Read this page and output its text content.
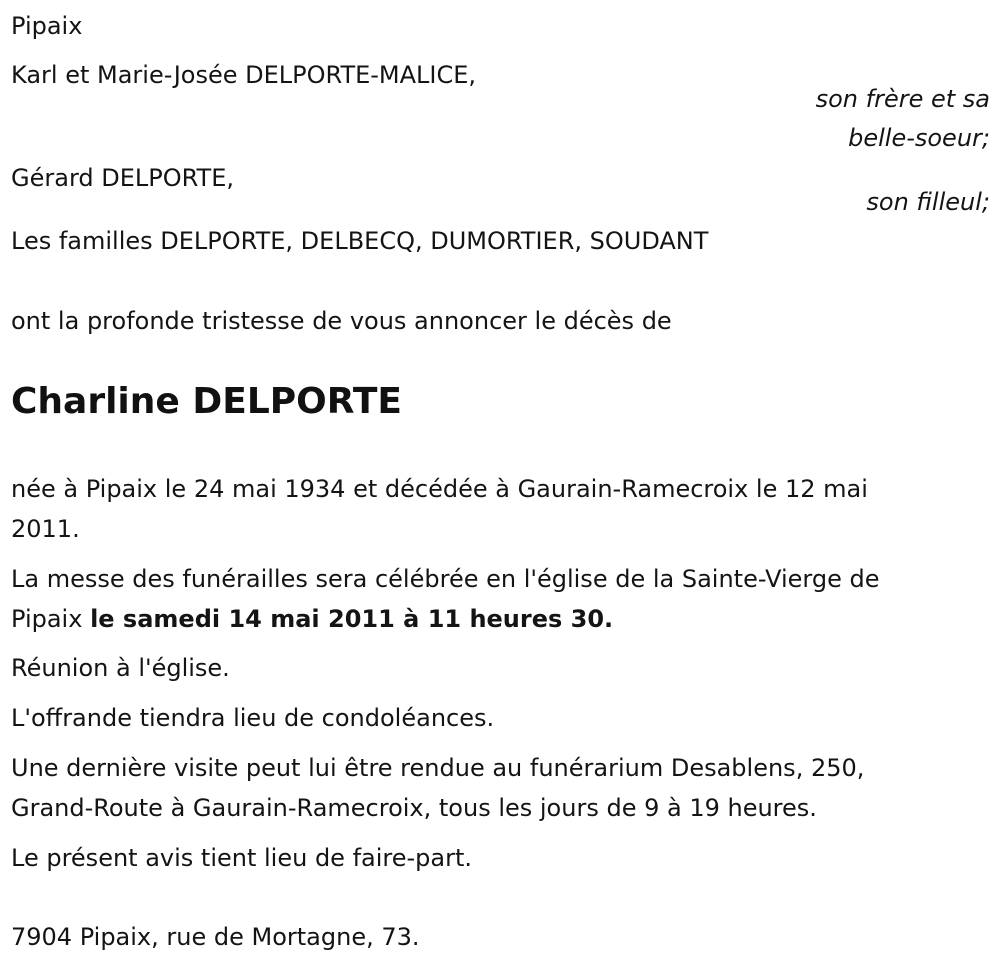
Pipaix
Karl et Marie-Josée DELPORTE-MALICE,
son frère et sa
belle-soeur;
Gérard DELPORTE,
son filleul;
Les familles DELPORTE, DELBECQ, DUMORTIER, SOUDANT
ont la profonde tristesse de vous annoncer le décès de
Charline DELPORTE
née à Pipaix le 24 mai 1934 et décédée à Gaurain-Ramecroix le 12 mai
2011.
La messe des funérailles sera célébrée en l'église de la Sainte-Vierge de
Pipaix le samedi 14 mai 2011 à 11 heures 30.
Réunion à l'église.
L'offrande tiendra lieu de condoléances.
Une dernière visite peut lui être rendue au funérarium Desablens, 250,
Grand-Route à Gaurain-Ramecroix, tous les jours de 9 à 19 heures.
Le présent avis tient lieu de faire-part.
7904 Pipaix, rue de Mortagne, 73.
